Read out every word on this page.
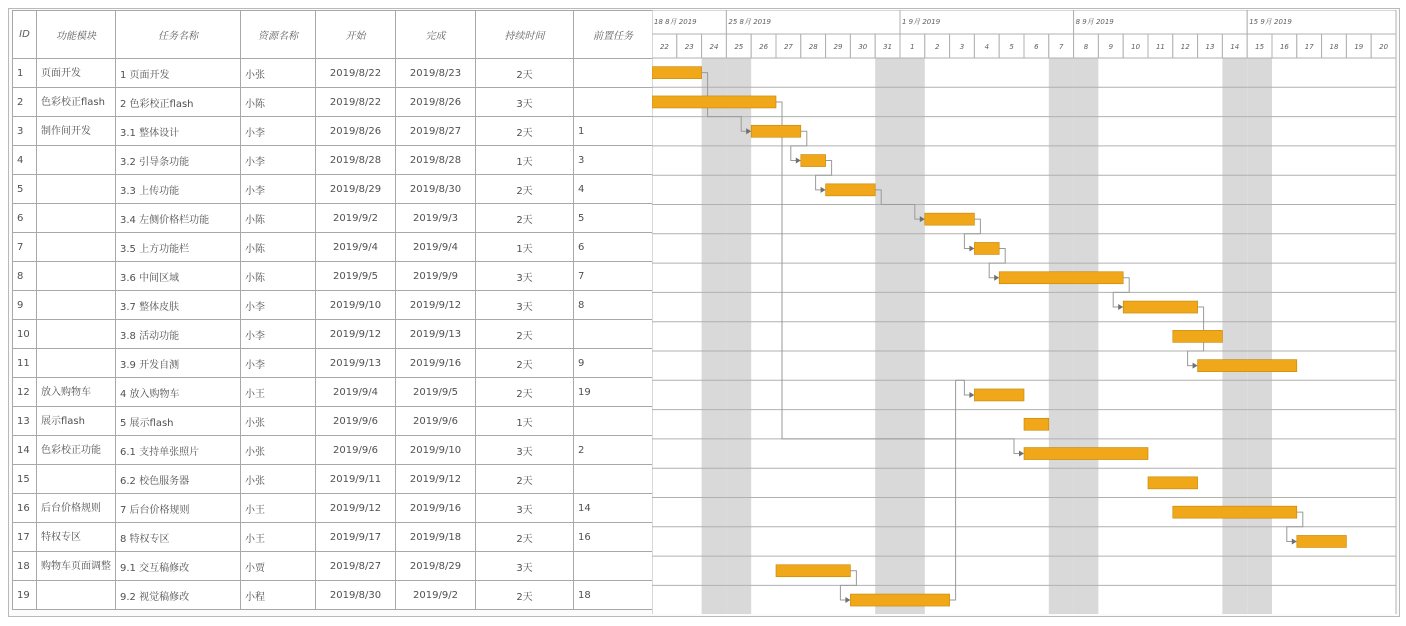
ID	功能模块	任务名称	资源名称	开始	完成	持续时间	前置任务
1	页面开发	1 页面开发	小张	2019/8/22	2019/8/23	2天	
2	色彩校正flash	2 色彩校正flash	小陈	2019/8/22	2019/8/26	3天	
3	制作间开发	3.1 整体设计	小李	2019/8/26	2019/8/27	2天	1
4		3.2 引导条功能	小李	2019/8/28	2019/8/28	1天	3
5		3.3 上传功能	小李	2019/8/29	2019/8/30	2天	4
6		3.4 左侧价格栏功能	小陈	2019/9/2	2019/9/3	2天	5
7		3.5 上方功能栏	小陈	2019/9/4	2019/9/4	1天	6
8		3.6 中间区域	小陈	2019/9/5	2019/9/9	3天	7
9		3.7 整体皮肤	小李	2019/9/10	2019/9/12	3天	8
10		3.8 活动功能	小李	2019/9/12	2019/9/13	2天	
11		3.9 开发自测	小李	2019/9/13	2019/9/16	2天	9
12	放入购物车	4 放入购物车	小王	2019/9/4	2019/9/5	2天	19
13	展示flash	5 展示flash	小张	2019/9/6	2019/9/6	1天	
14	色彩校正功能	6.1 支持单张照片	小张	2019/9/6	2019/9/10	3天	2
15		6.2 校色服务器	小张	2019/9/11	2019/9/12	2天	
16	后台价格规则	7 后台价格规则	小王	2019/9/12	2019/9/16	3天	14
17	特权专区	8 特权专区	小王	2019/9/17	2019/9/18	2天	16
18	购物车页面调整	9.1 交互稿修改	小贾	2019/8/27	2019/8/29	3天	
19		9.2 视觉稿修改	小程	2019/8/30	2019/9/2	2天	18
18 8月 2019	25 8月 2019	1 9月 2019	8 9月 2019	15 9月 2019
22 23 24 25 26 27 28 29 30 31	1	2	3	4	5	6	7	8	9	10 11 12 13 14 15 16 17 18 19 20
